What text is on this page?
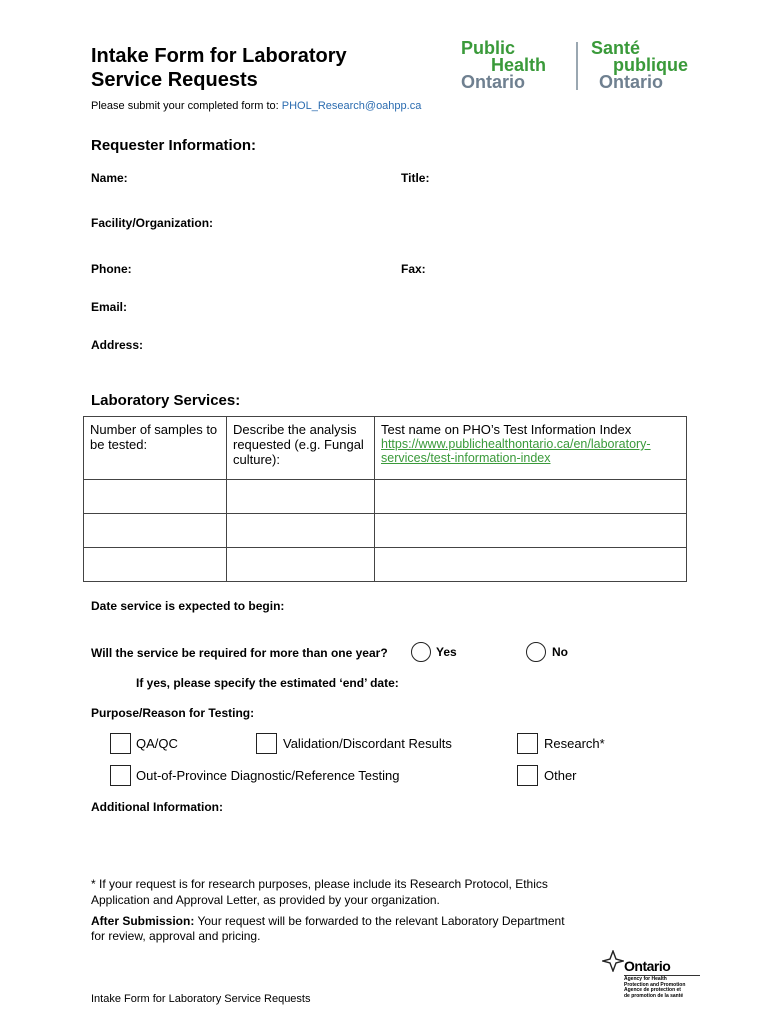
Intake Form for Laboratory
Service Requests
Please submit your completed form to: PHOL_Research@oahpp.ca
Public
Health
Ontario
Santé
publique
Ontario
Requester Information:
Name:	Title:
Facility/Organization:
Phone:	Fax:
Email:
Address:
Laboratory Services:
Number of samples to be tested:	Describe the analysis requested (e.g. Fungal culture):	Test name on PHO’s Test Information Index
https://www.publichealthontario.ca/en/laboratory-services/test-information-index

Date service is expected to begin:
Will the service be required for more than one year?	Yes	No
If yes, please specify the estimated ‘end’ date:
Purpose/Reason for Testing:
QA/QC	Validation/Discordant Results	Research*
Out-of-Province Diagnostic/Reference Testing	Other
Additional Information:
* If your request is for research purposes, please include its Research Protocol, Ethics
Application and Approval Letter, as provided by your organization.
After Submission: Your request will be forwarded to the relevant Laboratory Department
for review, approval and pricing.
Intake Form for Laboratory Service Requests
Ontario
Agency for Health
Protection and Promotion
Agence de protection et
de promotion de la santé
